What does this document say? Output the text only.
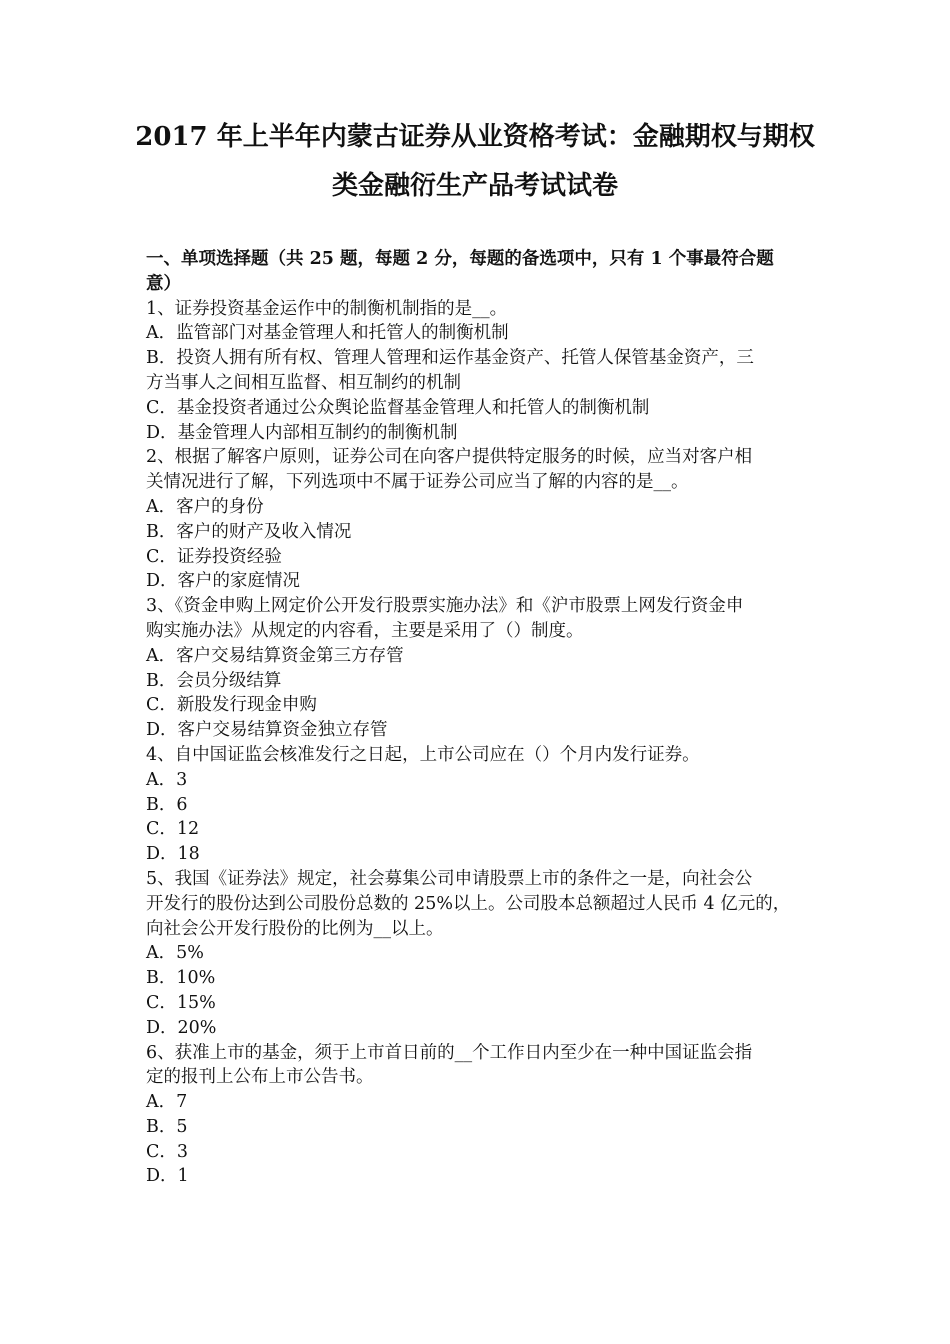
2017 年上半年内蒙古证券从业资格考试：金融期权与期权
类金融衍生产品考试试卷
一、单项选择题（共 25 题，每题 2 分，每题的备选项中，只有 1 个事最符合题
意）
1、证券投资基金运作中的制衡机制指的是__。
A．监管部门对基金管理人和托管人的制衡机制
B．投资人拥有所有权、管理人管理和运作基金资产、托管人保管基金资产，三
方当事人之间相互监督、相互制约的机制
C．基金投资者通过公众舆论监督基金管理人和托管人的制衡机制
D．基金管理人内部相互制约的制衡机制
2、根据了解客户原则，证券公司在向客户提供特定服务的时候，应当对客户相
关情况进行了解，下列选项中不属于证券公司应当了解的内容的是__。
A．客户的身份
B．客户的财产及收入情况
C．证券投资经验
D．客户的家庭情况
3、《资金申购上网定价公开发行股票实施办法》和《沪市股票上网发行资金申
购实施办法》从规定的内容看，主要是采用了（）制度。
A．客户交易结算资金第三方存管
B．会员分级结算
C．新股发行现金申购
D．客户交易结算资金独立存管
4、自中国证监会核准发行之日起，上市公司应在（）个月内发行证券。
A．3
B．6
C．12
D．18
5、我国《证券法》规定，社会募集公司申请股票上市的条件之一是，向社会公
开发行的股份达到公司股份总数的 25%以上。公司股本总额超过人民币 4 亿元的，
向社会公开发行股份的比例为__以上。
A．5%
B．10%
C．15%
D．20%
6、获准上市的基金，须于上市首日前的__个工作日内至少在一种中国证监会指
定的报刊上公布上市公告书。
A．7
B．5
C．3
D．1
